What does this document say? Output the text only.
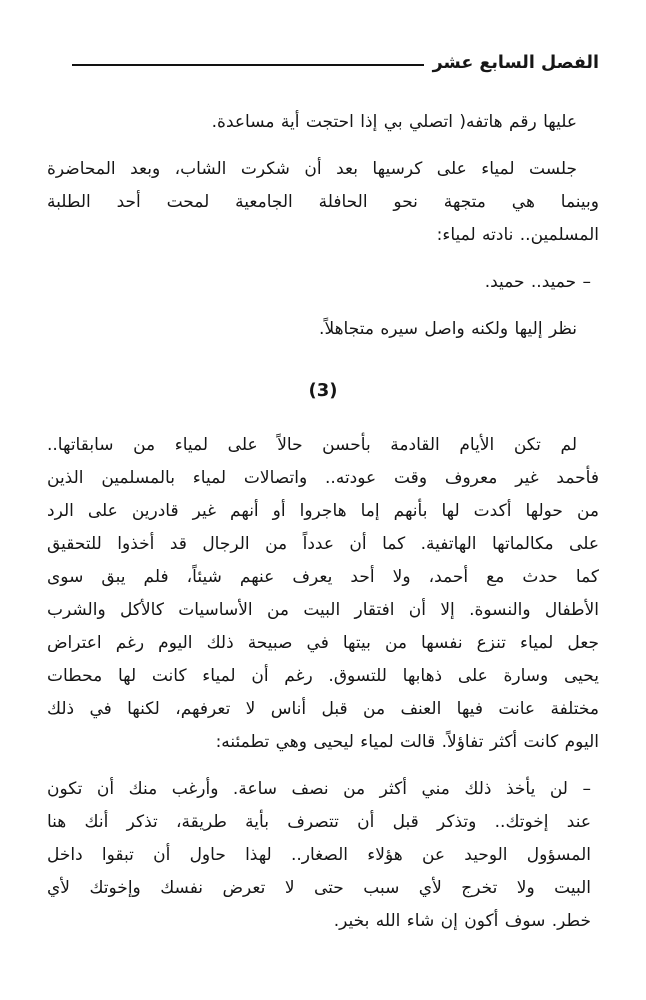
الفصل السابع عشر
عليها رقم هاتفه( اتصلي بي إذا احتجت أية مساعدة.
جلست لمياء على كرسيها بعد أن شكرت الشاب، وبعد المحاضرة
وبينما هي متجهة نحو الحافلة الجامعية لمحت أحد الطلبة
المسلمين.. نادته لمياء:
– حميد.. حميد.
نظر إليها ولكنه واصل سيره متجاهلاً.
(3)
لم تكن الأيام القادمة بأحسن حالاً على لمياء من سابقاتها..
فأحمد غير معروف وقت عودته.. واتصالات لمياء بالمسلمين الذين
من حولها أكدت لها بأنهم إما هاجروا أو أنهم غير قادرين على الرد
على مكالماتها الهاتفية. كما أن عدداً من الرجال قد أخذوا للتحقيق
كما حدث مع أحمد، ولا أحد يعرف عنهم شيئاً، فلم يبق سوى
الأطفال والنسوة. إلا أن افتقار البيت من الأساسيات كالأكل والشرب
جعل لمياء تنزع نفسها من بيتها في صبيحة ذلك اليوم رغم اعتراض
يحيى وسارة على ذهابها للتسوق. رغم أن لمياء كانت لها محطات
مختلفة عانت فيها العنف من قبل أناس لا تعرفهم، لكنها في ذلك
اليوم كانت أكثر تفاؤلاً. قالت لمياء ليحيى وهي تطمئنه:
– لن يأخذ ذلك مني أكثر من نصف ساعة. وأرغب منك أن تكون
عند إخوتك.. وتذكر قبل أن تتصرف بأية طريقة، تذكر أنك هنا
المسؤول الوحيد عن هؤلاء الصغار.. لهذا حاول أن تبقوا داخل
البيت ولا تخرج لأي سبب حتى لا تعرض نفسك وإخوتك لأي
خطر. سوف أكون إن شاء الله بخير.
